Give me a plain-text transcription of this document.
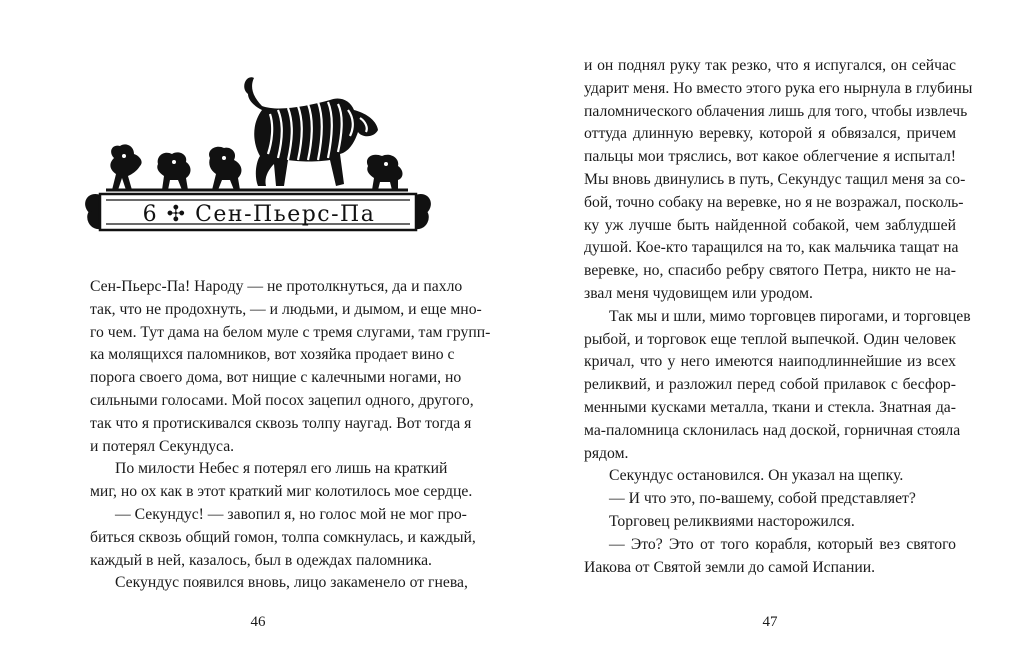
6 ✣ Сен-Пьерс-Па
Сен-Пьерс-Па! Народу — не протолкнуться, да и пахло
так, что не продохнуть, — и людьми, и дымом, и еще мно-
го чем. Тут дама на белом муле с тремя слугами, там групп-
ка молящихся паломников, вот хозяйка продает вино с
порога своего дома, вот нищие с калечными ногами, но
сильными голосами. Мой посох зацепил одного, другого,
так что я протискивался сквозь толпу наугад. Вот тогда я
и потерял Секундуса.
По милости Небес я потерял его лишь на краткий
миг, но ох как в этот краткий миг колотилось мое сердце.
— Секундус! — завопил я, но голос мой не мог про-
биться сквозь общий гомон, толпа сомкнулась, и каждый,
каждый в ней, казалось, был в одеждах паломника.
Секундус появился вновь, лицо закаменело от гнева,
46
и он поднял руку так резко, что я испугался, он сейчас
ударит меня. Но вместо этого рука его нырнула в глубины
паломнического облачения лишь для того, чтобы извлечь
оттуда длинную веревку, которой я обвязался, причем
пальцы мои тряслись, вот какое облегчение я испытал!
Мы вновь двинулись в путь, Секундус тащил меня за со-
бой, точно собаку на веревке, но я не возражал, посколь-
ку уж лучше быть найденной собакой, чем заблудшей
душой. Кое-кто таращился на то, как мальчика тащат на
веревке, но, спасибо ребру святого Петра, никто не на-
звал меня чудовищем или уродом.
Так мы и шли, мимо торговцев пирогами, и торговцев
рыбой, и торговок еще теплой выпечкой. Один человек
кричал, что у него имеются наиподлиннейшие из всех
реликвий, и разложил перед собой прилавок с бесфор-
менными кусками металла, ткани и стекла. Знатная да-
ма-паломница склонилась над доской, горничная стояла
рядом.
Секундус остановился. Он указал на щепку.
— И что это, по-вашему, собой представляет?
Торговец реликвиями насторожился.
— Это? Это от того корабля, который вез святого
Иакова от Святой земли до самой Испании.
47
